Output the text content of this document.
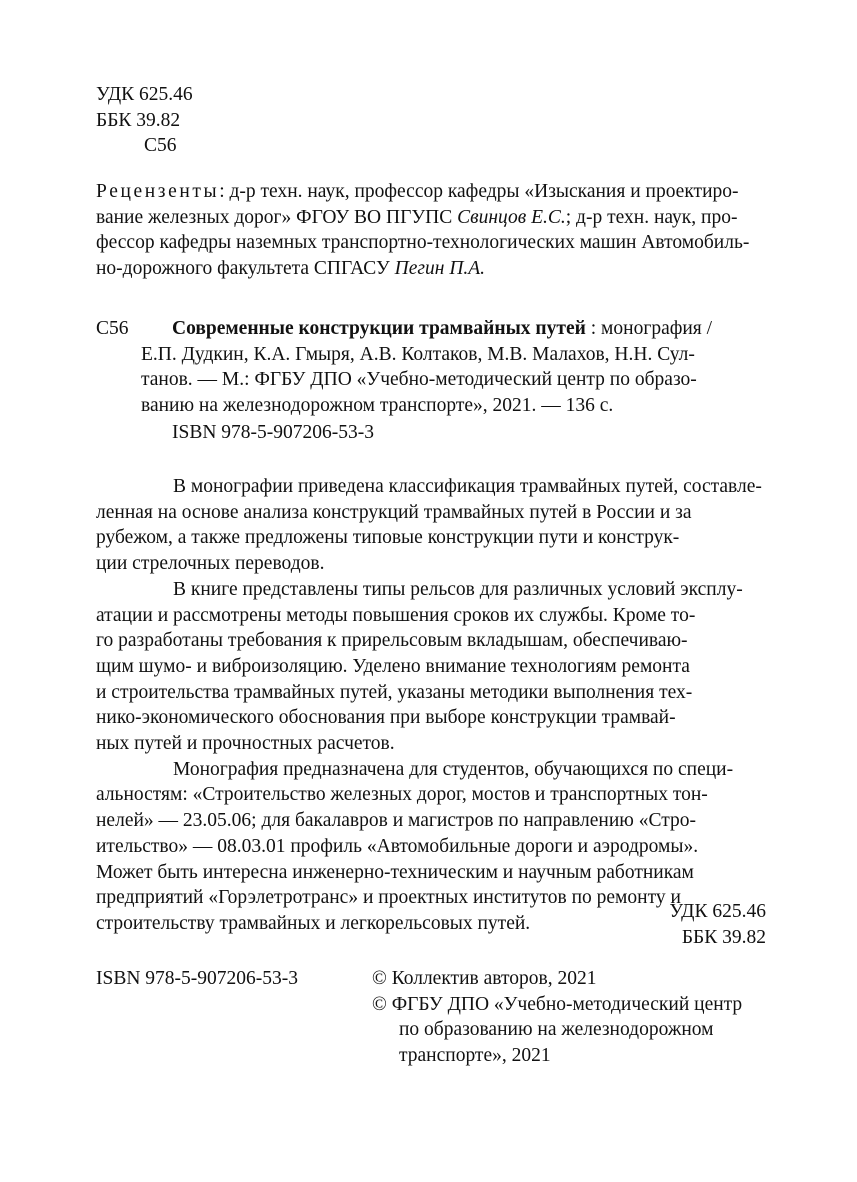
УДК 625.46
ББК 39.82
С56
Рецензенты: д-р техн. наук, профессор кафедры «Изыскания и проектиро-
вание железных дорог» ФГОУ ВО ПГУПС Свинцов Е.С.; д-р техн. наук, про-
фессор кафедры наземных транспортно-технологических машин Автомобиль-
но-дорожного факультета СПГАСУ Пегин П.А.
С56 Современные конструкции трамвайных путей : монография /
Е.П. Дудкин, К.А. Гмыря, А.В. Колтаков, М.В. Малахов, Н.Н. Сул-
танов. — М.: ФГБУ ДПО «Учебно-методический центр по образо-
ванию на железнодорожном транспорте», 2021. — 136 с.
ISBN 978-5-907206-53-3
В монографии приведена классификация трамвайных путей, составле-
ленная на основе анализа конструкций трамвайных путей в России и за
рубежом, а также предложены типовые конструкции пути и конструк-
ции стрелочных переводов.
В книге представлены типы рельсов для различных условий эксплу-
атации и рассмотрены методы повышения сроков их службы. Кроме то-
го разработаны требования к прирельсовым вкладышам, обеспечиваю-
щим шумо- и виброизоляцию. Уделено внимание технологиям ремонта
и строительства трамвайных путей, указаны методики выполнения тех-
нико-экономического обоснования при выборе конструкции трамвай-
ных путей и прочностных расчетов.
Монография предназначена для студентов, обучающихся по специ-
альностям: «Строительство железных дорог, мостов и транспортных тон-
нелей» — 23.05.06; для бакалавров и магистров по направлению «Стро-
ительство» — 08.03.01 профиль «Автомобильные дороги и аэродромы».
Может быть интересна инженерно-техническим и научным работникам
предприятий «Горэлетротранс» и проектных институтов по ремонту и
строительству трамвайных и легкорельсовых путей.
УДК 625.46
ББК 39.82
ISBN 978-5-907206-53-3	© Коллектив авторов, 2021
© ФГБУ ДПО «Учебно-методический центр
по образованию на железнодорожном
транспорте», 2021
